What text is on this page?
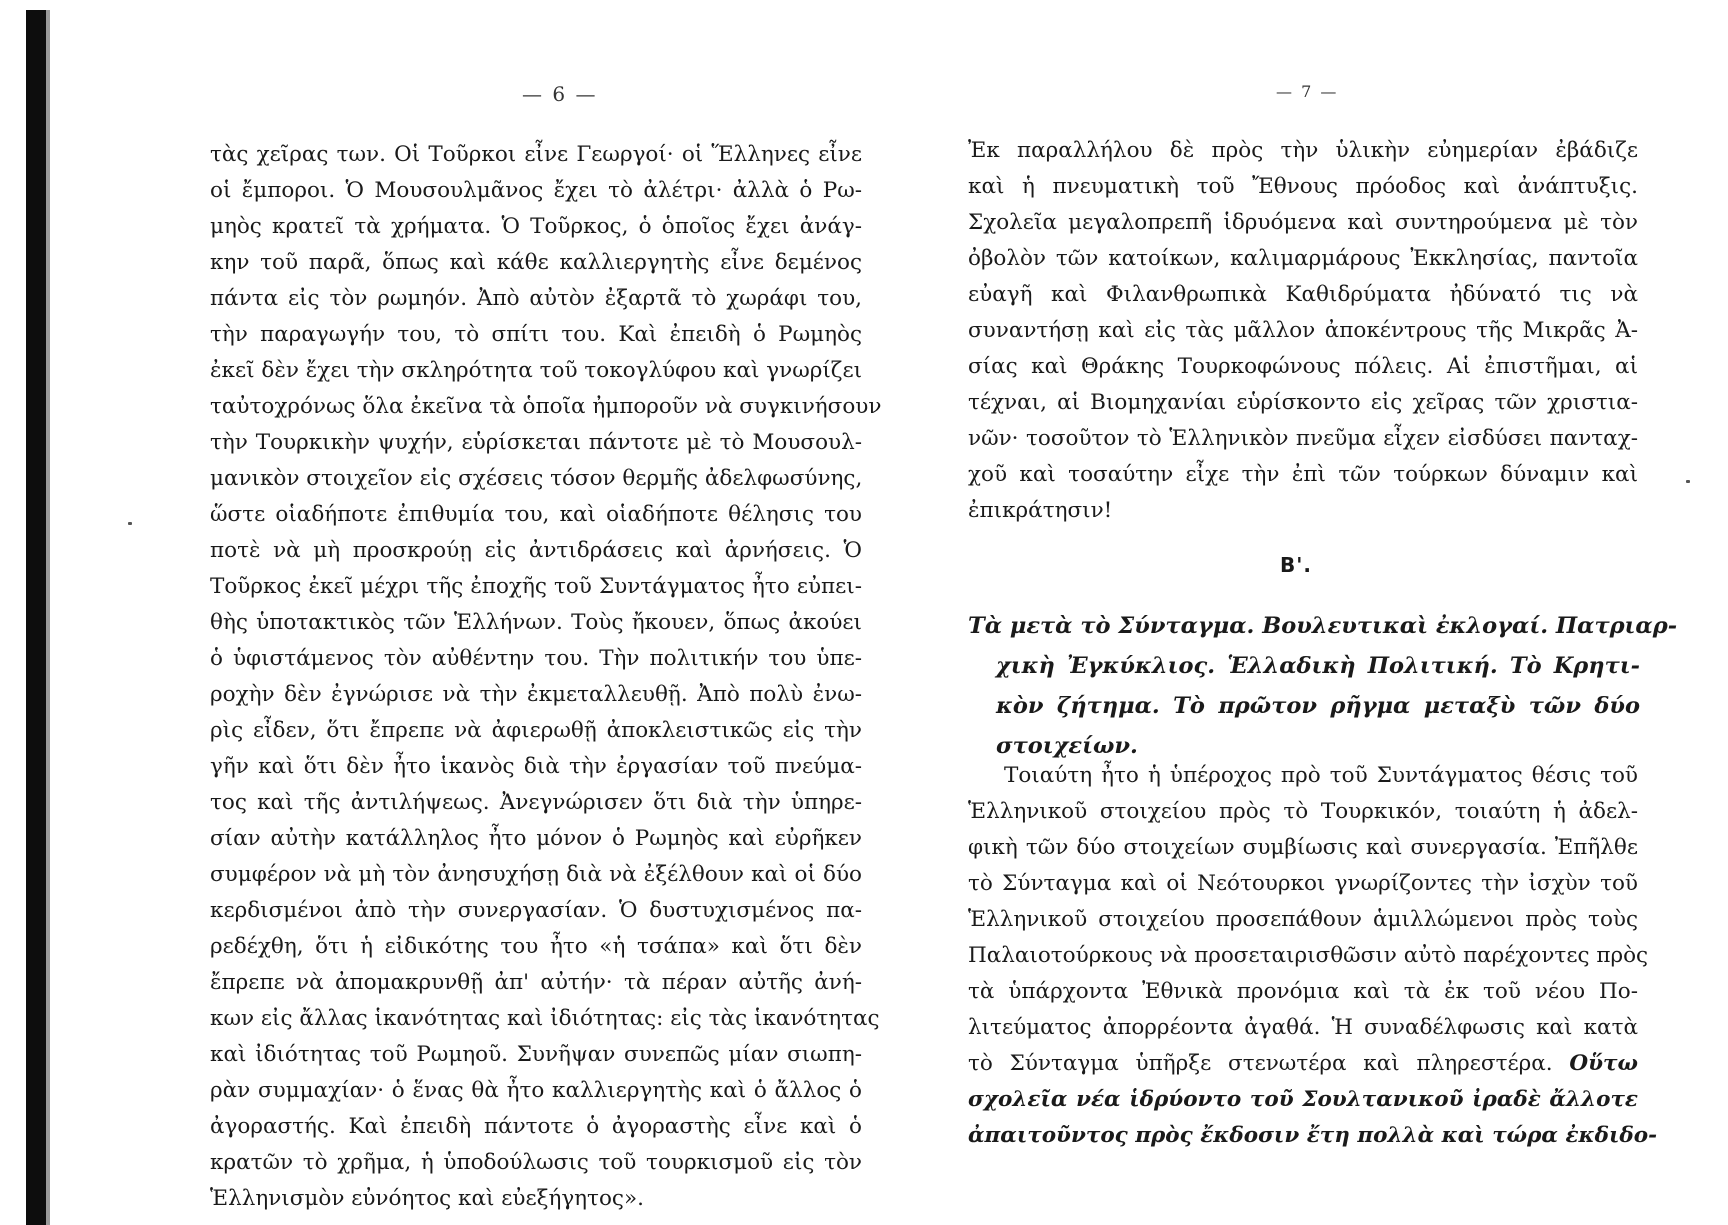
— 6 —
τὰς χεῖρας των. Οἱ Τοῦρκοι εἶνε Γεωργοί· οἱ Ἕλληνες εἶνε
οἱ ἔμποροι. Ὁ Μουσουλμᾶνος ἔχει τὸ ἀλέτρι· ἀλλὰ ὁ Ρω-
μηὸς κρατεῖ τὰ χρήματα. Ὁ Τοῦρκος, ὁ ὁποῖος ἔχει ἀνάγ-
κην τοῦ παρᾶ, ὅπως καὶ κάθε καλλιεργητὴς εἶνε δεμένος
πάντα εἰς τὸν ρωμηόν. Ἀπὸ αὐτὸν ἐξαρτᾶ τὸ χωράφι του,
τὴν παραγωγήν του, τὸ σπίτι του. Καὶ ἐπειδὴ ὁ Ρωμηὸς
ἐκεῖ δὲν ἔχει τὴν σκληρότητα τοῦ τοκογλύφου καὶ γνωρίζει
ταὐτοχρόνως ὅλα ἐκεῖνα τὰ ὁποῖα ἠμποροῦν νὰ συγκινήσουν
τὴν Τουρκικὴν ψυχήν, εὑρίσκεται πάντοτε μὲ τὸ Μουσουλ-
μανικὸν στοιχεῖον εἰς σχέσεις τόσον θερμῆς ἀδελφωσύνης,
ὥστε οἱαδήποτε ἐπιθυμία του, καὶ οἱαδήποτε θέλησις του
ποτὲ νὰ μὴ προσκρούῃ εἰς ἀντιδράσεις καὶ ἀρνήσεις. Ὁ
Τοῦρκος ἐκεῖ μέχρι τῆς ἐποχῆς τοῦ Συντάγματος ἦτο εὐπει-
θὴς ὑποτακτικὸς τῶν Ἑλλήνων. Τοὺς ἤκουεν, ὅπως ἀκούει
ὁ ὑφιστάμενος τὸν αὐθέντην του. Τὴν πολιτικήν του ὑπε-
ροχὴν δὲν ἐγνώρισε νὰ τὴν ἐκμεταλλευθῇ. Ἀπὸ πολὺ ἐνω-
ρὶς εἶδεν, ὅτι ἔπρεπε νὰ ἀφιερωθῇ ἀποκλειστικῶς εἰς τὴν
γῆν καὶ ὅτι δὲν ἦτο ἱκανὸς διὰ τὴν ἐργασίαν τοῦ πνεύμα-
τος καὶ τῆς ἀντιλήψεως. Ἀνεγνώρισεν ὅτι διὰ τὴν ὑπηρε-
σίαν αὐτὴν κατάλληλος ἦτο μόνον ὁ Ρωμηὸς καὶ εὐρῆκεν
συμφέρον νὰ μὴ τὸν ἀνησυχήσῃ διὰ νὰ ἐξέλθουν καὶ οἱ δύο
κερδισμένοι ἀπὸ τὴν συνεργασίαν. Ὁ δυστυχισμένος πα-
ρεδέχθη, ὅτι ἡ εἰδικότης του ἦτο «ἡ τσάπα» καὶ ὅτι δὲν
ἔπρεπε νὰ ἀπομακρυνθῇ ἀπ' αὐτήν· τὰ πέραν αὐτῆς ἀνή-
κων εἰς ἄλλας ἱκανότητας καὶ ἰδιότητας: εἰς τὰς ἱκανότητας
καὶ ἰδιότητας τοῦ Ρωμηοῦ. Συνῆψαν συνεπῶς μίαν σιωπη-
ρὰν συμμαχίαν· ὁ ἕνας θὰ ἦτο καλλιεργητὴς καὶ ὁ ἄλλος ὁ
ἀγοραστής. Καὶ ἐπειδὴ πάντοτε ὁ ἀγοραστὴς εἶνε καὶ ὁ
κρατῶν τὸ χρῆμα, ἡ ὑποδούλωσις τοῦ τουρκισμοῦ εἰς τὸν
Ἑλληνισμὸν εὐνόητος καὶ εὐεξήγητος».
— 7 —
Ἐκ παραλλήλου δὲ πρὸς τὴν ὑλικὴν εὐημερίαν ἐβάδιζε
καὶ ἡ πνευματικὴ τοῦ Ἔθνους πρόοδος καὶ ἀνάπτυξις.
Σχολεῖα μεγαλοπρεπῆ ἱδρυόμενα καὶ συντηρούμενα μὲ τὸν
ὀβολὸν τῶν κατοίκων, καλιμαρμάρους Ἐκκλησίας, παντοῖα
εὐαγῆ καὶ Φιλανθρωπικὰ Καθιδρύματα ἠδύνατό τις νὰ
συναντήσῃ καὶ εἰς τὰς μᾶλλον ἀποκέντρους τῆς Μικρᾶς Ἀ-
σίας καὶ Θράκης Τουρκοφώνους πόλεις. Αἱ ἐπιστῆμαι, αἱ
τέχναι, αἱ Βιομηχανίαι εὑρίσκοντο εἰς χεῖρας τῶν χριστια-
νῶν· τοσοῦτον τὸ Ἑλληνικὸν πνεῦμα εἶχεν εἰσδύσει πανταχ-
χοῦ καὶ τοσαύτην εἶχε τὴν ἐπὶ τῶν τούρκων δύναμιν καὶ
ἐπικράτησιν!
Β'.
Τὰ μετὰ τὸ Σύνταγμα. Βουλευτικαὶ ἐκλογαί. Πατριαρ-
χικὴ Ἐγκύκλιος. Ἑλλαδικὴ Πολιτική. Τὸ Κρητι-
κὸν ζήτημα. Τὸ πρῶτον ρῆγμα μεταξὺ τῶν δύο
στοιχείων.
Τοιαύτη ἦτο ἡ ὑπέροχος πρὸ τοῦ Συντάγματος θέσις τοῦ
Ἑλληνικοῦ στοιχείου πρὸς τὸ Τουρκικόν, τοιαύτη ἡ ἀδελ-
φικὴ τῶν δύο στοιχείων συμβίωσις καὶ συνεργασία. Ἐπῆλθε
τὸ Σύνταγμα καὶ οἱ Νεότουρκοι γνωρίζοντες τὴν ἰσχὺν τοῦ
Ἑλληνικοῦ στοιχείου προσεπάθουν ἁμιλλώμενοι πρὸς τοὺς
Παλαιοτούρκους νὰ προσεταιρισθῶσιν αὐτὸ παρέχοντες πρὸς
τὰ ὑπάρχοντα Ἐθνικὰ προνόμια καὶ τὰ ἐκ τοῦ νέου Πο-
λιτεύματος ἀπορρέοντα ἀγαθά. Ἡ συναδέλφωσις καὶ κατὰ
τὸ Σύνταγμα ὑπῆρξε στενωτέρα καὶ πληρεστέρα. Οὕτω
σχολεῖα νέα ἱδρύοντο τοῦ Σουλτανικοῦ ἰραδὲ ἄλλοτε
ἀπαιτοῦντος πρὸς ἔκδοσιν ἔτη πολλὰ καὶ τώρα ἐκδιδο-
